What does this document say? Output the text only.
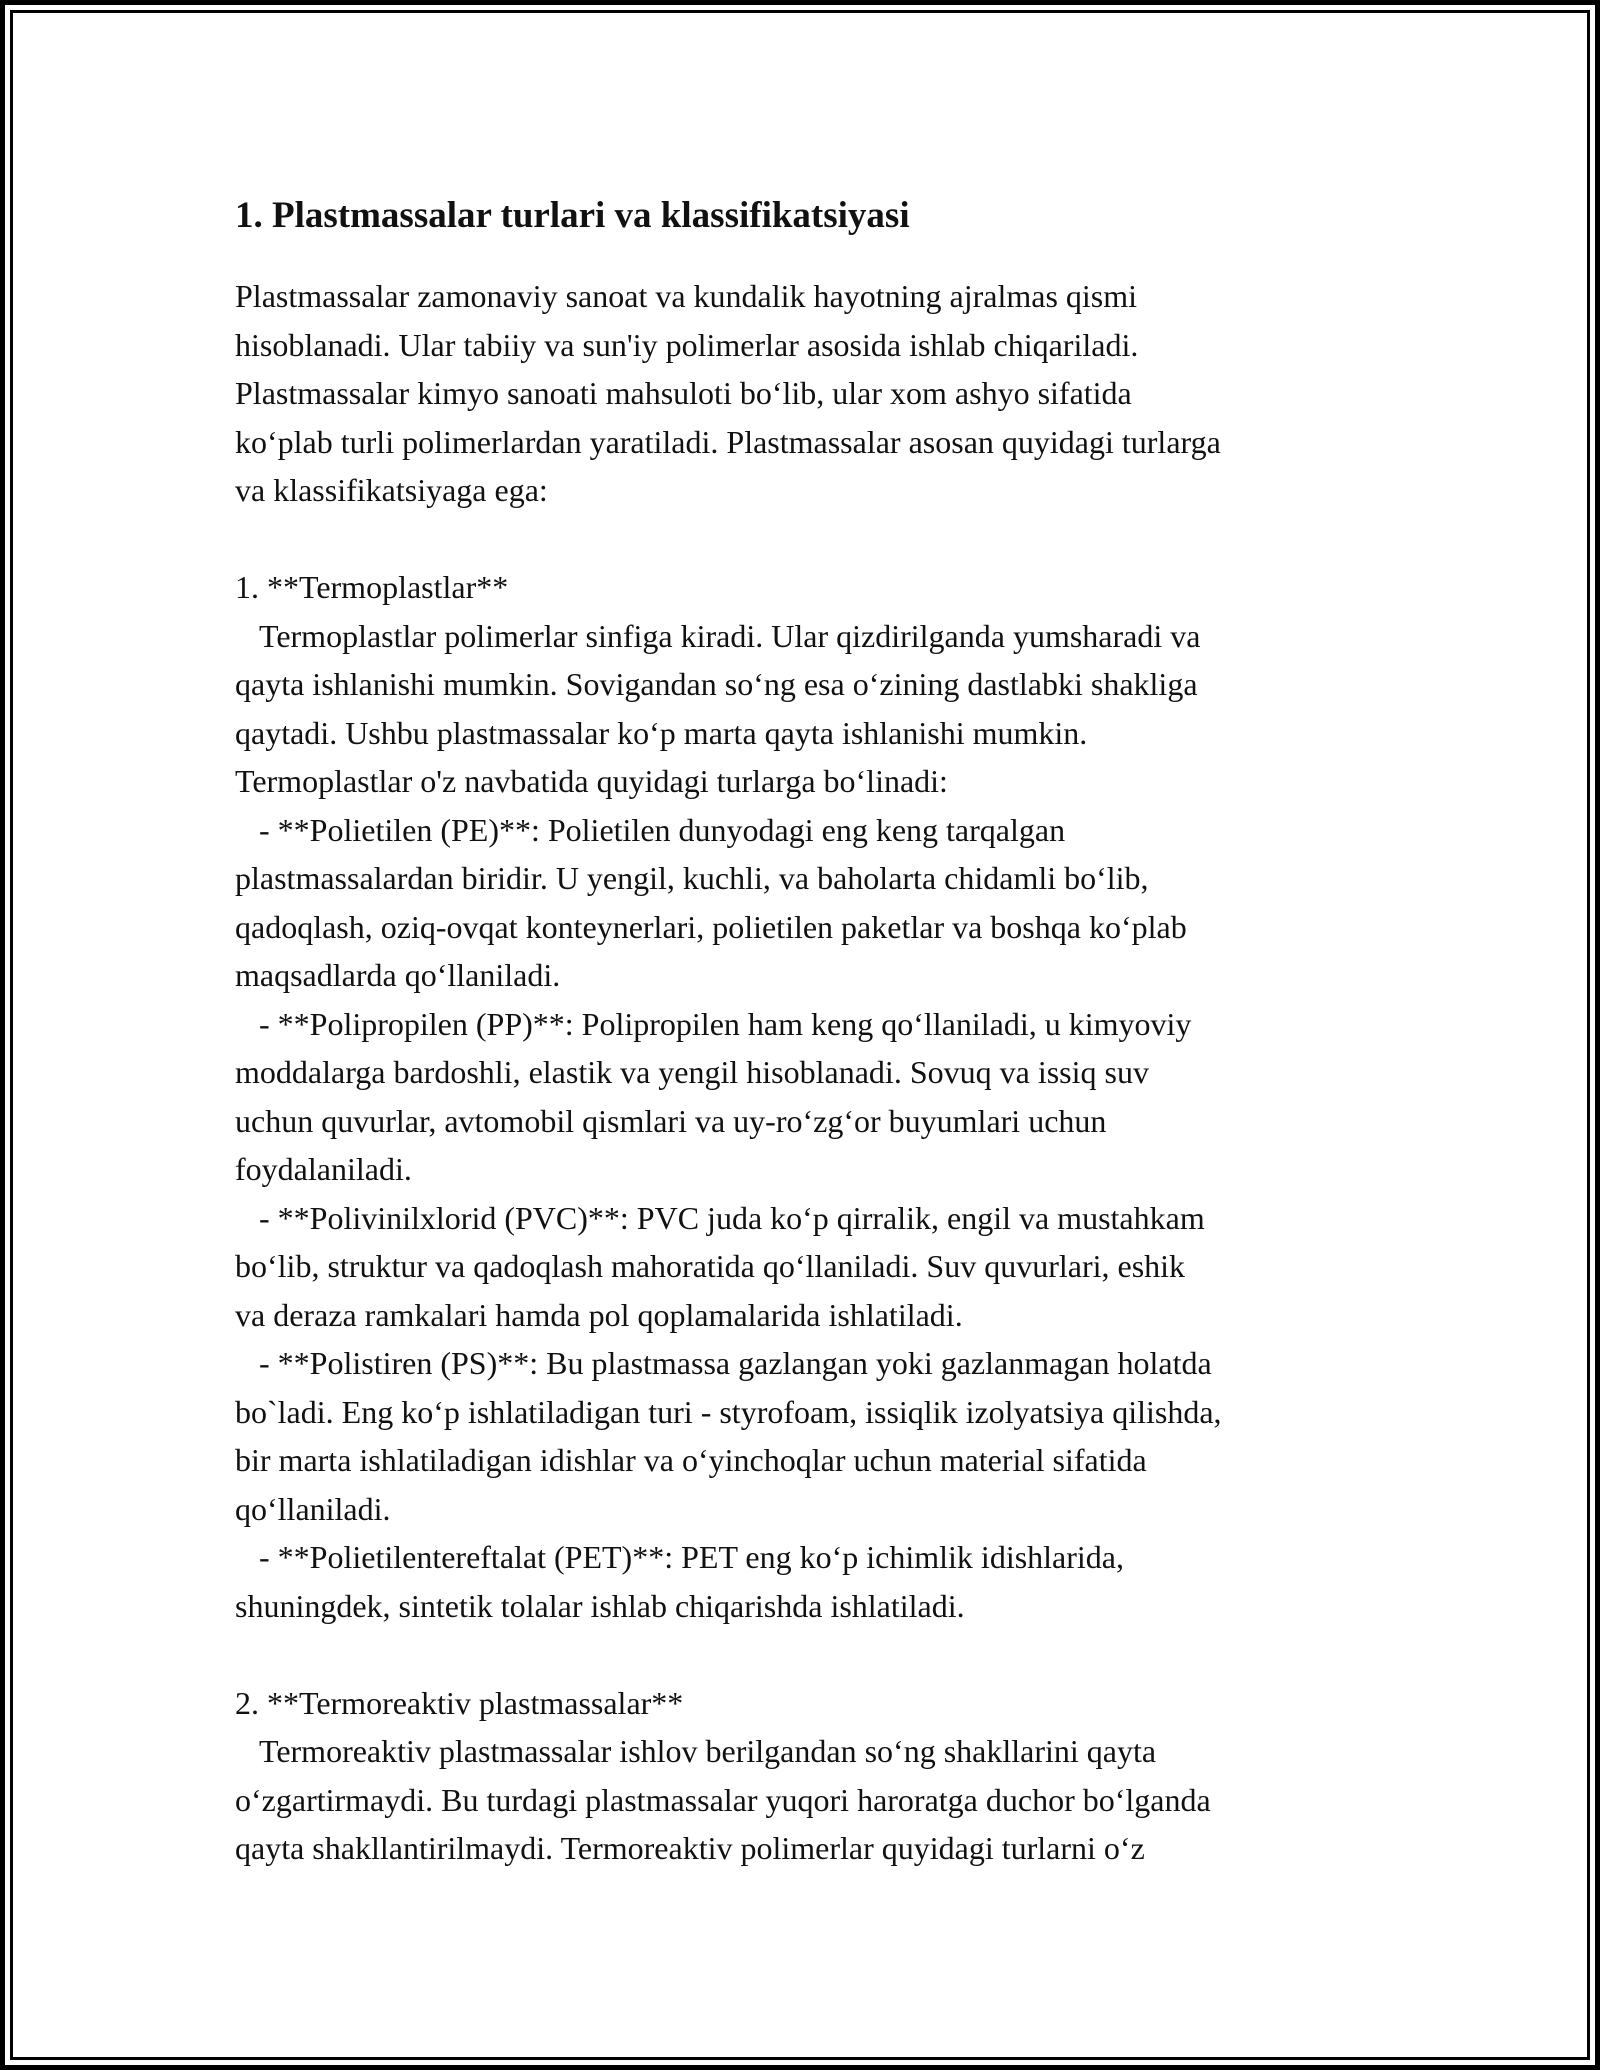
1. Plastmassalar turlari va klassifikatsiyasi

Plastmassalar zamonaviy sanoat va kundalik hayotning ajralmas qismi
hisoblanadi. Ular tabiiy va sun'iy polimerlar asosida ishlab chiqariladi.
Plastmassalar kimyo sanoati mahsuloti bo‘lib, ular xom ashyo sifatida
ko‘plab turli polimerlardan yaratiladi. Plastmassalar asosan quyidagi turlarga
va klassifikatsiyaga ega:

1. **Termoplastlar**
Termoplastlar polimerlar sinfiga kiradi. Ular qizdirilganda yumsharadi va
qayta ishlanishi mumkin. Sovigandan so‘ng esa o‘zining dastlabki shakliga
qaytadi. Ushbu plastmassalar ko‘p marta qayta ishlanishi mumkin.
Termoplastlar o'z navbatida quyidagi turlarga bo‘linadi:
- **Polietilen (PE)**: Polietilen dunyodagi eng keng tarqalgan
plastmassalardan biridir. U yengil, kuchli, va baholarta chidamli bo‘lib,
qadoqlash, oziq-ovqat konteynerlari, polietilen paketlar va boshqa ko‘plab
maqsadlarda qo‘llaniladi.
- **Polipropilen (PP)**: Polipropilen ham keng qo‘llaniladi, u kimyoviy
moddalarga bardoshli, elastik va yengil hisoblanadi. Sovuq va issiq suv
uchun quvurlar, avtomobil qismlari va uy-ro‘zg‘or buyumlari uchun
foydalaniladi.
- **Polivinilxlorid (PVC)**: PVC juda ko‘p qirralik, engil va mustahkam
bo‘lib, struktur va qadoqlash mahoratida qo‘llaniladi. Suv quvurlari, eshik
va deraza ramkalari hamda pol qoplamalarida ishlatiladi.
- **Polistiren (PS)**: Bu plastmassa gazlangan yoki gazlanmagan holatda
bo`ladi. Eng ko‘p ishlatiladigan turi - styrofoam, issiqlik izolyatsiya qilishda,
bir marta ishlatiladigan idishlar va o‘yinchoqlar uchun material sifatida
qo‘llaniladi.
- **Polietilentereftalat (PET)**: PET eng ko‘p ichimlik idishlarida,
shuningdek, sintetik tolalar ishlab chiqarishda ishlatiladi.

2. **Termoreaktiv plastmassalar**
Termoreaktiv plastmassalar ishlov berilgandan so‘ng shakllarini qayta
o‘zgartirmaydi. Bu turdagi plastmassalar yuqori haroratga duchor bo‘lganda
qayta shakllantirilmaydi. Termoreaktiv polimerlar quyidagi turlarni o‘z
